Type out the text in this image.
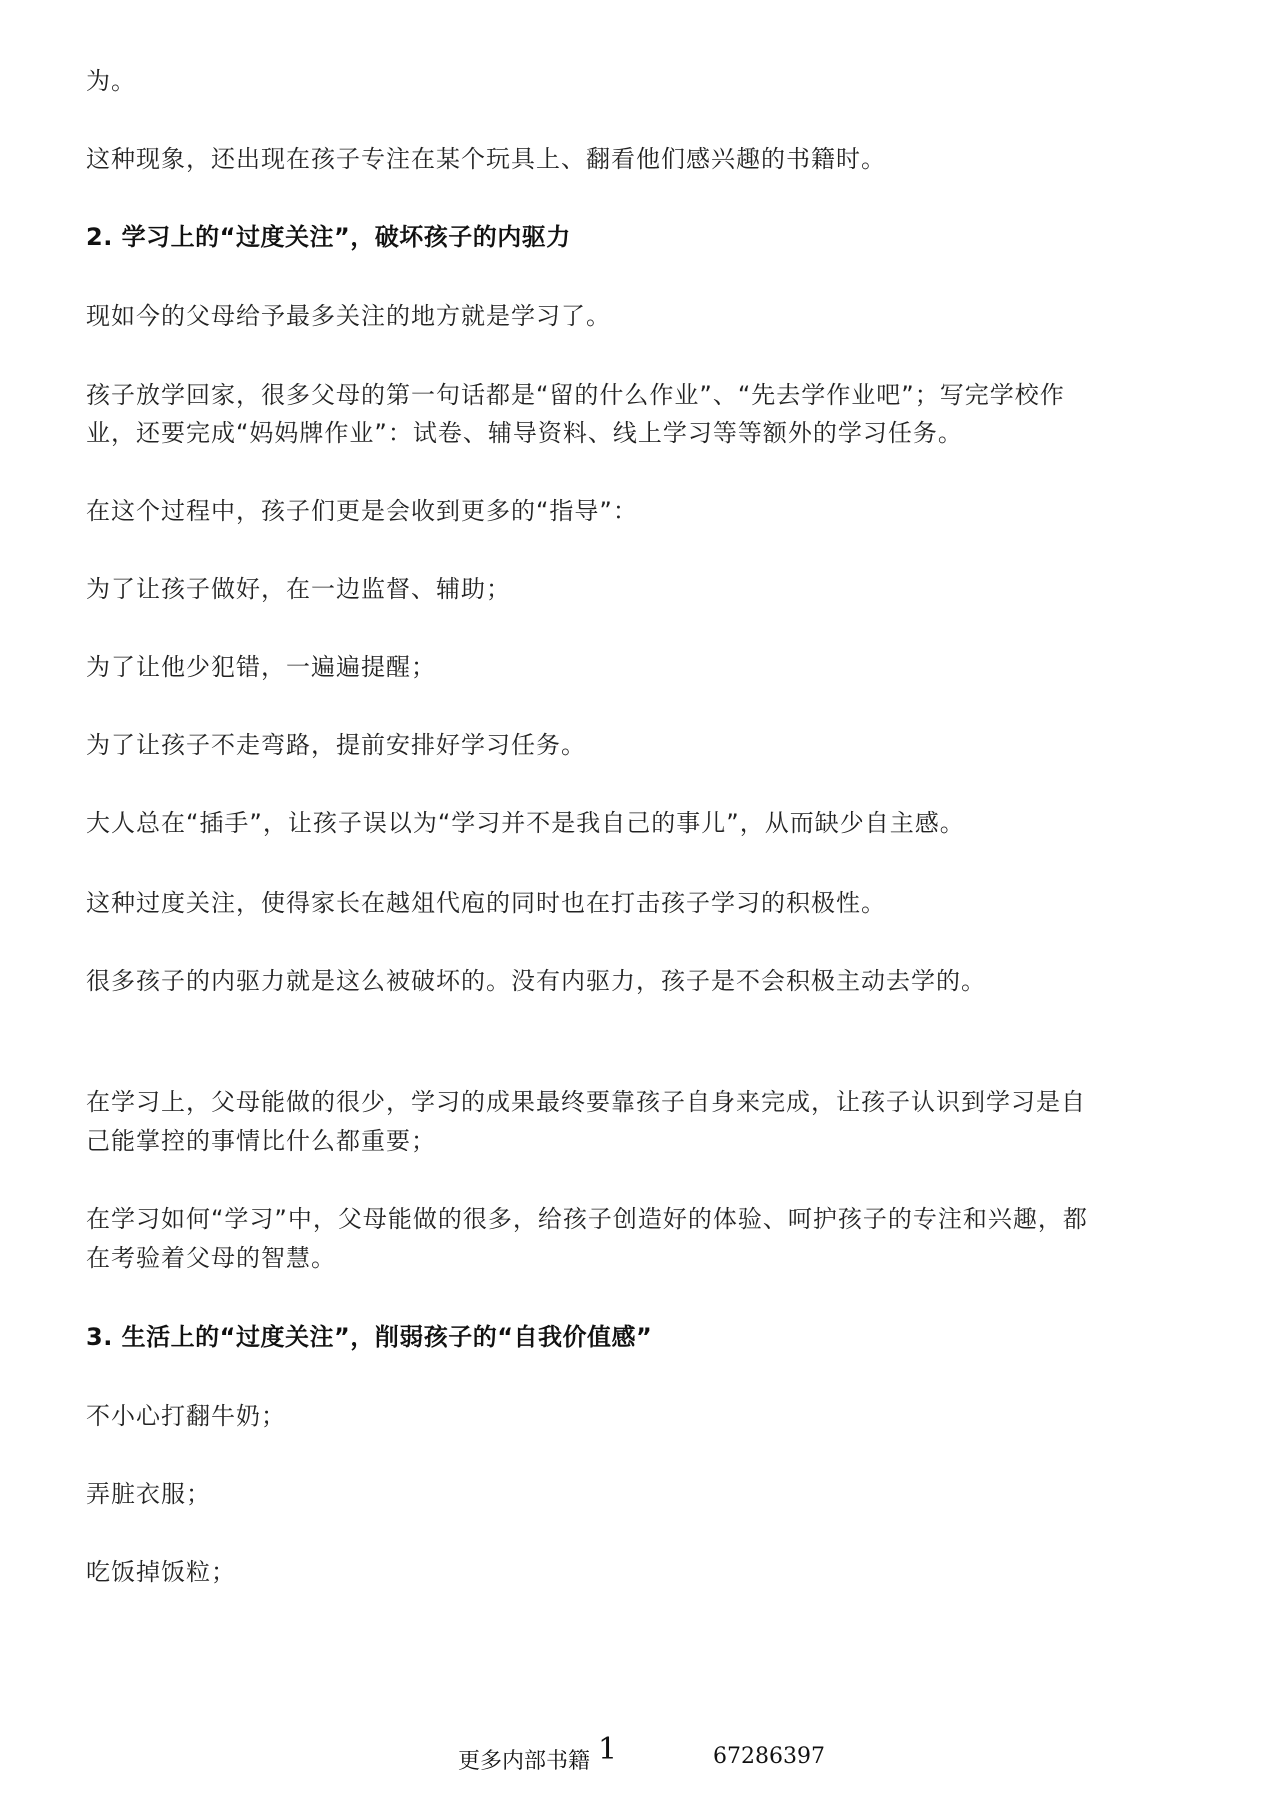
为。
这种现象，还出现在孩子专注在某个玩具上、翻看他们感兴趣的书籍时。
2. 学习上的“过度关注”，破坏孩子的内驱力
现如今的父母给予最多关注的地方就是学习了。
孩子放学回家，很多父母的第一句话都是“留的什么作业”、“先去学作业吧”；写完学校作
业，还要完成“妈妈牌作业”：试卷、辅导资料、线上学习等等额外的学习任务。
在这个过程中，孩子们更是会收到更多的“指导”：
为了让孩子做好，在一边监督、辅助；
为了让他少犯错，一遍遍提醒；
为了让孩子不走弯路，提前安排好学习任务。
大人总在“插手”，让孩子误以为“学习并不是我自己的事儿”，从而缺少自主感。
这种过度关注，使得家长在越俎代庖的同时也在打击孩子学习的积极性。
很多孩子的内驱力就是这么被破坏的。没有内驱力，孩子是不会积极主动去学的。
在学习上，父母能做的很少，学习的成果最终要靠孩子自身来完成，让孩子认识到学习是自
己能掌控的事情比什么都重要；
在学习如何“学习”中，父母能做的很多，给孩子创造好的体验、呵护孩子的专注和兴趣，都
在考验着父母的智慧。
3. 生活上的“过度关注”，削弱孩子的“自我价值感”
不小心打翻牛奶；
弄脏衣服；
吃饭掉饭粒；
更多内部书籍 1	67286397
